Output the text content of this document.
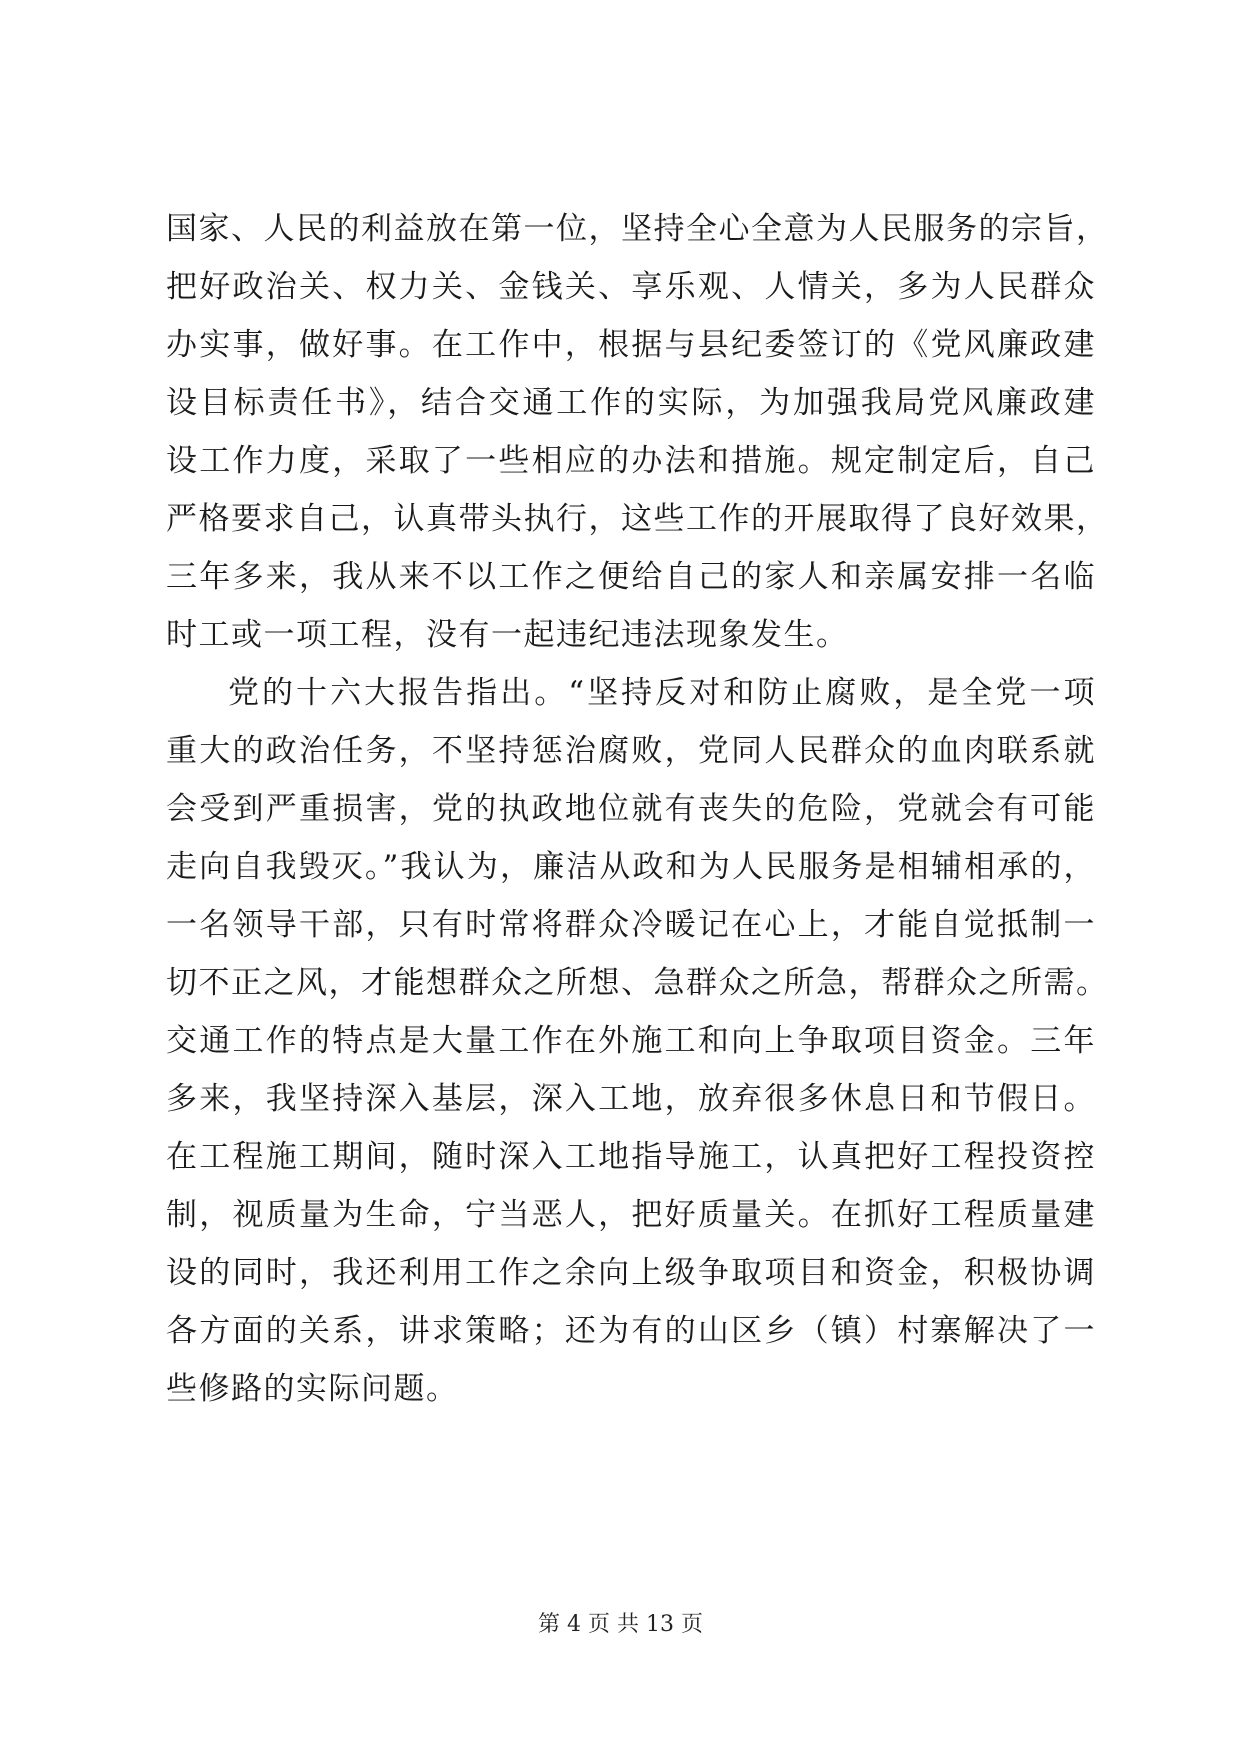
国家、人民的利益放在第一位，坚持全心全意为人民服务的宗旨，
把好政治关、权力关、金钱关、享乐观、人情关，多为人民群众
办实事，做好事。在工作中，根据与县纪委签订的《党风廉政建
设目标责任书》，结合交通工作的实际，为加强我局党风廉政建
设工作力度，采取了一些相应的办法和措施。规定制定后，自己
严格要求自己，认真带头执行，这些工作的开展取得了良好效果，
三年多来，我从来不以工作之便给自己的家人和亲属安排一名临
时工或一项工程，没有一起违纪违法现象发生。
党的十六大报告指出。“坚持反对和防止腐败，是全党一项
重大的政治任务，不坚持惩治腐败，党同人民群众的血肉联系就
会受到严重损害，党的执政地位就有丧失的危险，党就会有可能
走向自我毁灭。”我认为，廉洁从政和为人民服务是相辅相承的，
一名领导干部，只有时常将群众冷暖记在心上，才能自觉抵制一
切不正之风，才能想群众之所想、急群众之所急，帮群众之所需。
交通工作的特点是大量工作在外施工和向上争取项目资金。三年
多来，我坚持深入基层，深入工地，放弃很多休息日和节假日。
在工程施工期间，随时深入工地指导施工，认真把好工程投资控
制，视质量为生命，宁当恶人，把好质量关。在抓好工程质量建
设的同时，我还利用工作之余向上级争取项目和资金，积极协调
各方面的关系，讲求策略；还为有的山区乡（镇）村寨解决了一
些修路的实际问题。
第 4 页 共 13 页
